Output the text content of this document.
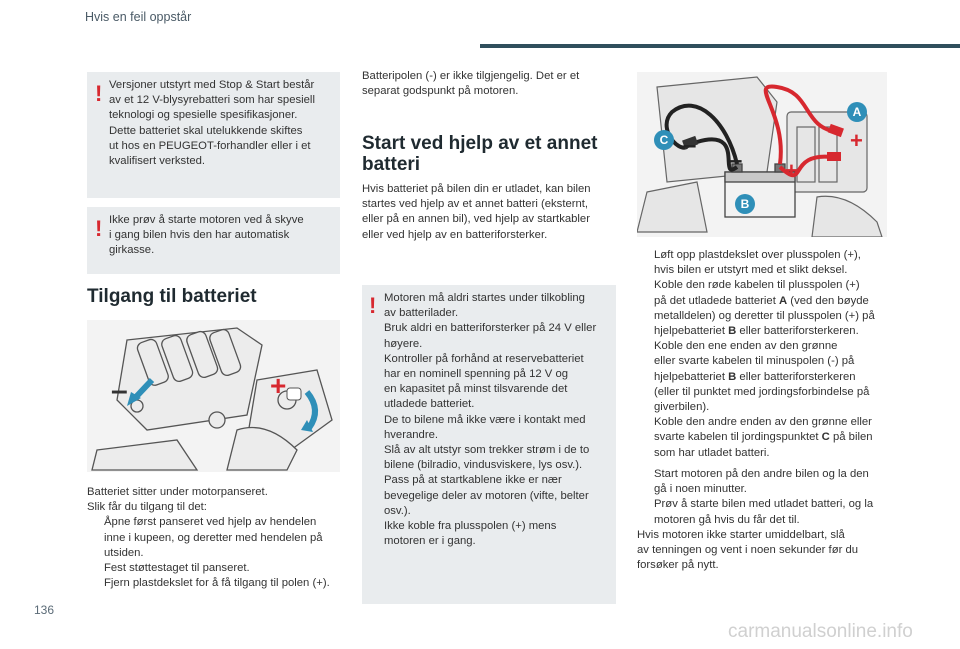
Hvis en feil oppstår
! Versjoner utstyrt med Stop & Start består
av et 12 V-blysyrebatteri som har spesiell
teknologi og spesielle spesifikasjoner.
Dette batteriet skal utelukkende skiftes
ut hos en PEUGEOT-forhandler eller i et
kvalifisert verksted.
! Ikke prøv å starte motoren ved å skyve
i gang bilen hvis den har automatisk
girkasse.
Tilgang til batteriet
–	+
Batteriet sitter under motorpanseret.
Slik får du tilgang til det:
Åpne først panseret ved hjelp av hendelen
inne i kupeen, og deretter med hendelen på
utsiden.
Fest støttestaget til panseret.
Fjern plastdekslet for å få tilgang til polen (+).
Batteripolen (-) er ikke tilgjengelig. Det er et
separat godspunkt på motoren.
Start ved hjelp av et annet
batteri
Hvis batteriet på bilen din er utladet, kan bilen
startes ved hjelp av et annet batteri (eksternt,
eller på en annen bil), ved hjelp av startkabler
eller ved hjelp av en batteriforsterker.
! Motoren må aldri startes under tilkobling
av batterilader.
Bruk aldri en batteriforsterker på 24 V eller
høyere.
Kontroller på forhånd at reservebatteriet
har en nominell spenning på 12 V og
en kapasitet på minst tilsvarende det
utladede batteriet.
De to bilene må ikke være i kontakt med
hverandre.
Slå av alt utstyr som trekker strøm i de to
bilene (bilradio, vindusviskere, lys osv.).
Pass på at startkablene ikke er nær
bevegelige deler av motoren (vifte, belter
osv.).
Ikke koble fra plusspolen (+) mens
motoren er i gang.
A
B
C –
–
+
+
Løft opp plastdekslet over plusspolen (+),
hvis bilen er utstyrt med et slikt deksel.
Koble den røde kabelen til plusspolen (+)
på det utladede batteriet A (ved den bøyde
metalldelen) og deretter til plusspolen (+) på
hjelpebatteriet B eller batteriforsterkeren.
Koble den ene enden av den grønne
eller svarte kabelen til minuspolen (-) på
hjelpebatteriet B eller batteriforsterkeren
(eller til punktet med jordingsforbindelse på
giverbilen).
Koble den andre enden av den grønne eller
svarte kabelen til jordingspunktet C på bilen
som har utladet batteri.
Start motoren på den andre bilen og la den
gå i noen minutter.
Prøv å starte bilen med utladet batteri, og la
motoren gå hvis du får det til.
Hvis motoren ikke starter umiddelbart, slå
av tenningen og vent i noen sekunder før du
forsøker på nytt.
136
carmanualsonline.info
